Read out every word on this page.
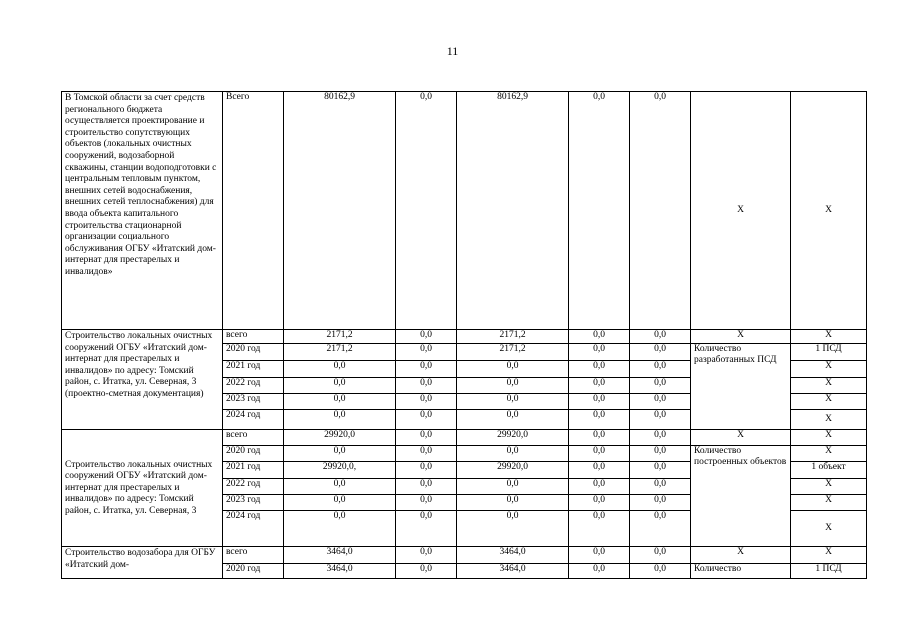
11
В Томской области за счет средств регионального бюджета осуществляется проектирование и строительство сопутствующих объектов (локальных очистных сооружений, водозаборной скважины, станции водоподготовки с центральным тепловым пунктом, внешних сетей водоснабжения, внешних сетей теплоснабжения) для ввода объекта капитального строительства стационарной организации социального обслуживания ОГБУ «Итатский дом-интернат для престарелых и инвалидов»	Всего	80162,9	0,0	80162,9	0,0	0,0	Х	Х
Строительство локальных очистных сооружений ОГБУ «Итатский дом-интернат для престарелых и инвалидов» по адресу: Томский район, с. Итатка, ул. Северная, 3 (проектно-сметная документация)	всего	2171,2	0,0	2171,2	0,0	0,0	Х	Х
	2020 год	2171,2	0,0	2171,2	0,0	0,0	Количество разработанных ПСД	1 ПСД
	2021 год	0,0	0,0	0,0	0,0	0,0		Х
	2022 год	0,0	0,0	0,0	0,0	0,0		Х
	2023 год	0,0	0,0	0,0	0,0	0,0		Х
	2024 год	0,0	0,0	0,0	0,0	0,0		Х
Строительство локальных очистных сооружений ОГБУ «Итатский дом-интернат для престарелых и инвалидов» по адресу: Томский район, с. Итатка, ул. Северная, 3	всего	29920,0	0,0	29920,0	0,0	0,0	Х	Х
	2020 год	0,0	0,0	0,0	0,0	0,0	Количество построенных объектов	Х
	2021 год	29920,0,	0,0	29920,0	0,0	0,0		1 объект
	2022 год	0,0	0,0	0,0	0,0	0,0		Х
	2023 год	0,0	0,0	0,0	0,0	0,0		Х
	2024 год	0,0	0,0	0,0	0,0	0,0		Х
Строительство водозабора для ОГБУ «Итатский дом-	всего	3464,0	0,0	3464,0	0,0	0,0	Х	Х
	2020 год	3464,0	0,0	3464,0	0,0	0,0	Количество	1 ПСД
